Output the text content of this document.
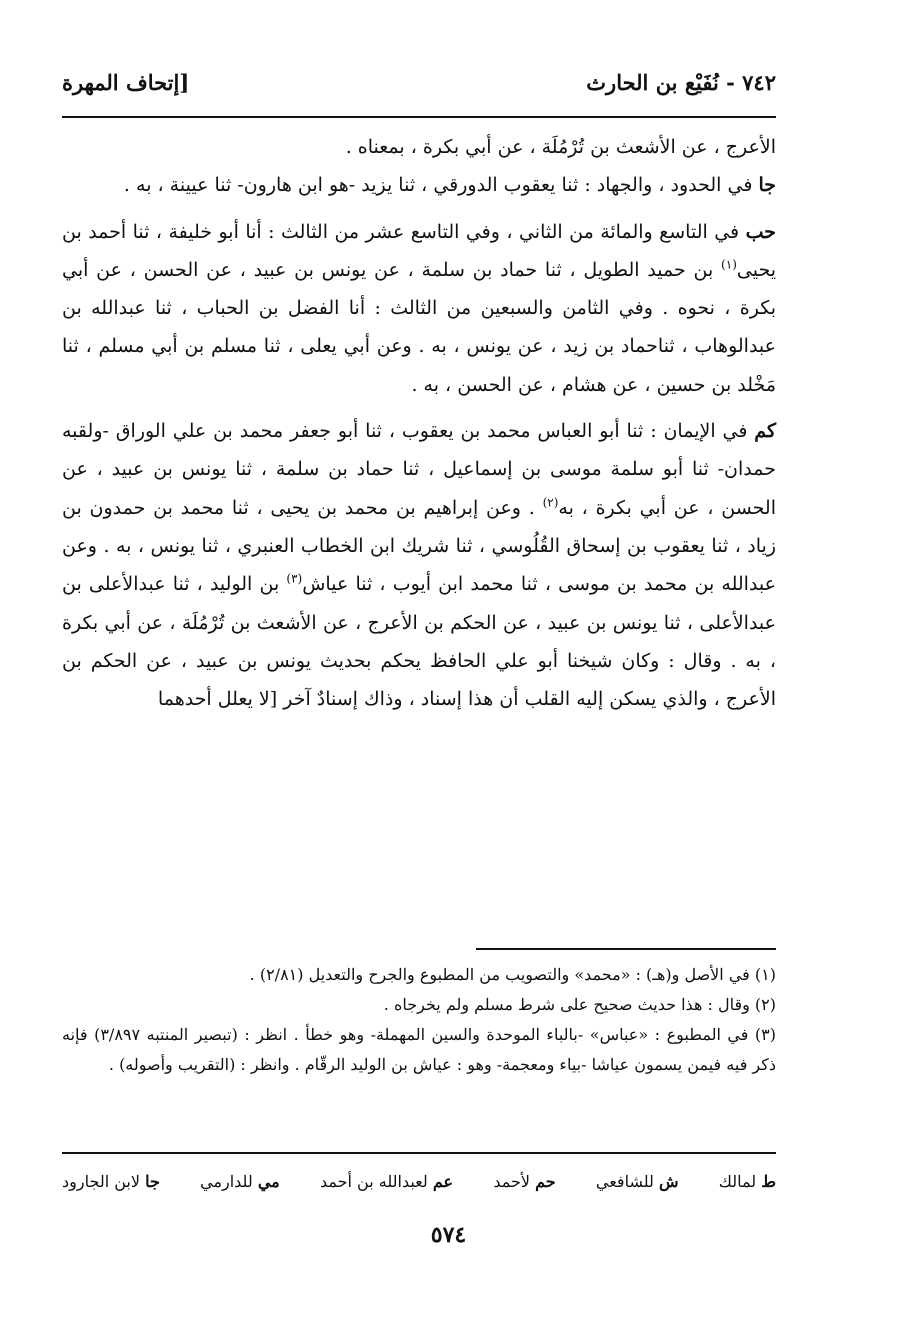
٧٤٢ - نُفَيْع بن الحارث
[إتحاف المهرة

الأعرج ، عن الأشعث بن تُرْمُلَة ، عن أبي بكرة ، بمعناه .

جا في الحدود ، والجهاد : ثنا يعقوب الدورقي ، ثنا يزيد -هو ابن هارون- ثنا عيينة ، به .

حب في التاسع والمائة من الثاني ، وفي التاسع عشر من الثالث : أنا أبو خليفة ، ثنا أحمد بن يحيى$^{(١)}$ بن حميد الطويل ، ثنا حماد بن سلمة ، عن يونس بن عبيد ، عن الحسن ، عن أبي بكرة ، نحوه . وفي الثامن والسبعين من الثالث : أنا الفضل بن الحباب ، ثنا عبدالله بن عبدالوهاب ، ثناحماد بن زيد ، عن يونس ، به . وعن أبي يعلى ، ثنا مسلم بن أبي مسلم ، ثنا مَخْلد بن حسين ، عن هشام ، عن الحسن ، به .

كم في الإيمان : ثنا أبو العباس محمد بن يعقوب ، ثنا أبو جعفر محمد بن علي الوراق -ولقبه حمدان- ثنا أبو سلمة موسى بن إسماعيل ، ثنا حماد بن سلمة ، ثنا يونس بن عبيد ، عن الحسن ، عن أبي بكرة ، به$^{(٢)}$ . وعن إبراهيم بن محمد بن يحيى ، ثنا محمد بن حمدون بن زياد ، ثنا يعقوب بن إسحاق القُلُوسي ، ثنا شريك ابن الخطاب العنبري ، ثنا يونس ، به . وعن عبدالله بن محمد بن موسى ، ثنا محمد ابن أيوب ، ثنا عياش$^{(٣)}$ بن الوليد ، ثنا عبدالأعلى بن عبدالأعلى ، ثنا يونس بن عبيد ، عن الحكم بن الأعرج ، عن الأشعث بن تُرْمُلَة ، عن أبي بكرة ، به . وقال : وكان شيخنا أبو علي الحافظ يحكم بحديث يونس بن عبيد ، عن الحكم بن الأعرج ، والذي يسكن إليه القلب أن هذا إسناد ، وذاك إسنادٌ آخر [لا يعلل أحدهما

(١) في الأصل و(هـ) : «محمد» والتصويب من المطبوع والجرح والتعديل (٢/٨١) .

(٢) وقال : هذا حديث صحيح على شرط مسلم ولم يخرجاه .

(٣) في المطبوع : «عباس» -بالباء الموحدة والسين المهملة- وهو خطأ . انظر : (تبصير المنتبه ٣/٨٩٧) فإنه ذكر فيه فيمن يسمون عياشا -بياء ومعجمة- وهو : عياش بن الوليد الرقّام . وانظر : (التقريب وأصوله) .

ط لمالك
ش للشافعي
حم لأحمد
عم لعبدالله بن أحمد
مي للدارمي
جا لابن الجارود
٥٧٤
